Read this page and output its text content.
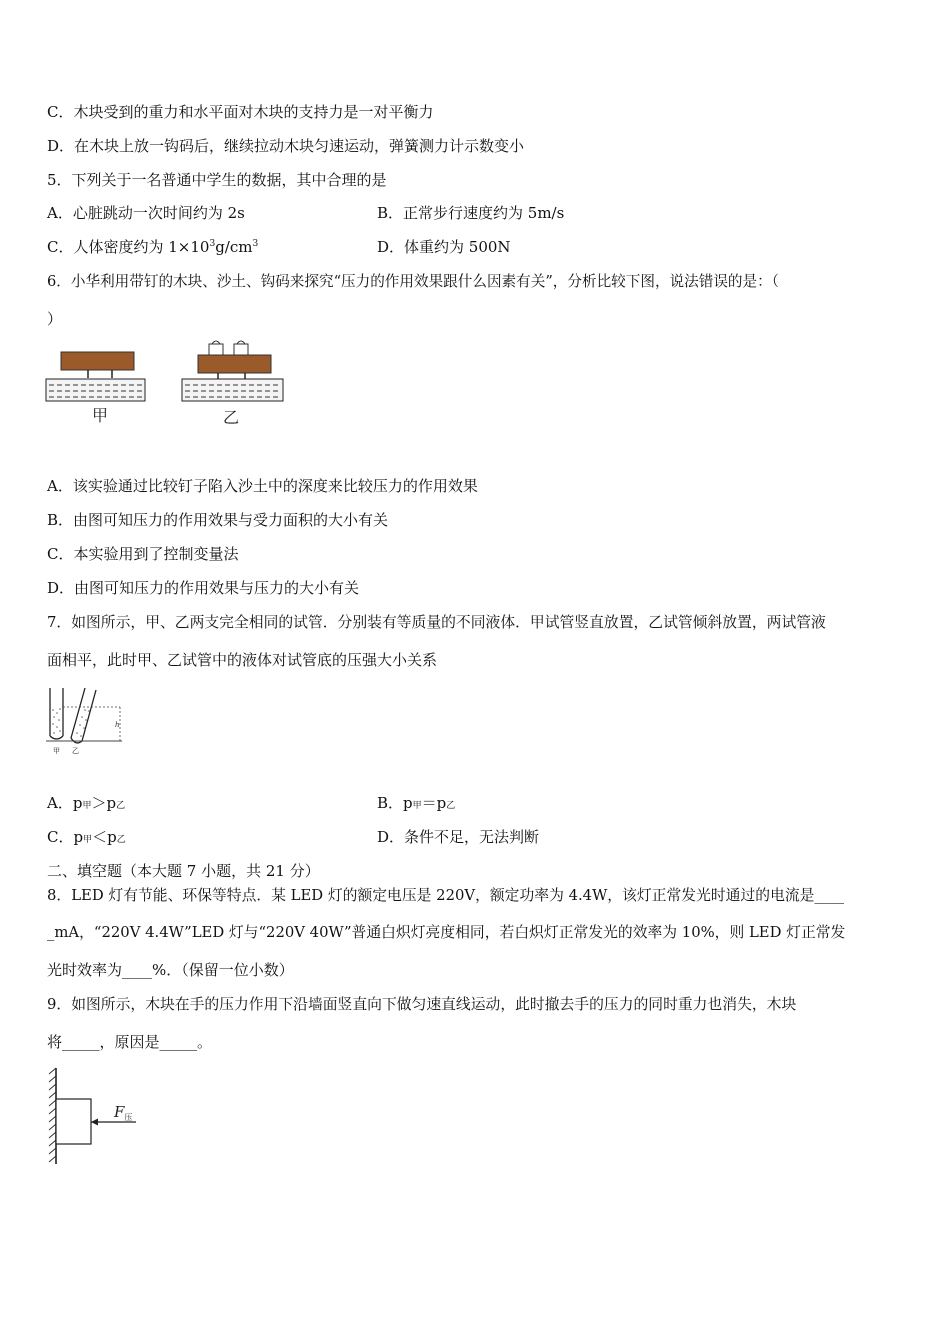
C．木块受到的重力和水平面对木块的支持力是一对平衡力
D．在木块上放一钩码后，继续拉动木块匀速运动，弹簧测力计示数变小
5．下列关于一名普通中学生的数据，其中合理的是
A．心脏跳动一次时间约为 2s	B．正常步行速度约为 5m/s
C．人体密度约为 $1\times 10^3g/cm^3$	D．体重约为 500N
6．小华利用带钉的木块、沙土、钩码来探究“压力的作用效果跟什么因素有关”，分析比较下图，说法错误的是：（
）
甲	乙
A．该实验通过比较钉子陷入沙土中的深度来比较压力的作用效果
B．由图可知压力的作用效果与受力面积的大小有关
C．本实验用到了控制变量法
D．由图可知压力的作用效果与压力的大小有关
7．如图所示，甲、乙两支完全相同的试管．分别装有等质量的不同液体．甲试管竖直放置，乙试管倾斜放置，两试管液
面相平，此时甲、乙试管中的液体对试管底的压强大小关系
h
甲 乙
A．p甲＞p乙	B．p甲＝p乙
C．p甲＜p乙	D．条件不足，无法判断
二、填空题（本大题 7 小题，共 21 分）
8．LED 灯有节能、环保等特点．某 LED 灯的额定电压是 220V，额定功率为 4.4W，该灯正常发光时通过的电流是____
_mA，“220V 4.4W”LED 灯与“220V 40W”普通白炽灯亮度相同，若白炽灯正常发光的效率为 10%，则 LED 灯正常发
光时效率为____%．（保留一位小数）
9．如图所示，木块在手的压力作用下沿墙面竖直向下做匀速直线运动，此时撤去手的压力的同时重力也消失，木块
将_____，原因是_____。
$F_压$
